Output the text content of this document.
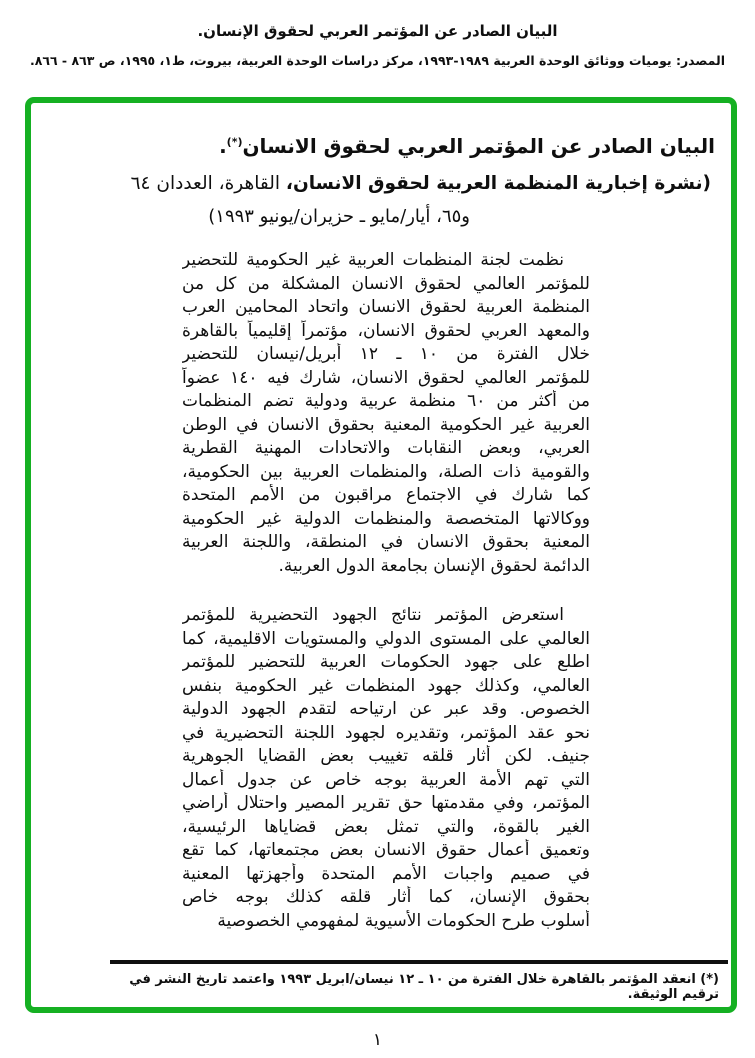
البيان الصادر عن المؤتمر العربي لحقوق الإنسان.
المصدر: يوميات ووثائق الوحدة العربية ١٩٨٩-١٩٩٣، مركز دراسات الوحدة العربية، بيروت، ط١، ١٩٩٥، ص ٨٦٣ - ٨٦٦.
البيان الصادر عن المؤتمر العربي لحقوق الانسان(*).
(نشرة إخبارية المنظمة العربية لحقوق الانسان، القاهرة، العددان ٦٤
و٦٥، أيار/مايو ـ حزيران/يونيو ١٩٩٣)
نظمت لجنة المنظمات العربية غير الحكومية للتحضير
للمؤتمر العالمي لحقوق الانسان المشكلة من كل من
المنظمة العربية لحقوق الانسان واتحاد المحامين العرب
والمعهد العربي لحقوق الانسان، مؤتمراً إقليمياً بالقاهرة
خلال الفترة من ١٠ ـ ١٢ أبريل/نيسان للتحضير
للمؤتمر العالمي لحقوق الانسان، شارك فيه ١٤٠ عضواً
من أكثر من ٦٠ منظمة عربية ودولية تضم المنظمات
العربية غير الحكومية المعنية بحقوق الانسان في الوطن
العربي، وبعض النقابات والاتحادات المهنية القطرية
والقومية ذات الصلة، والمنظمات العربية بين الحكومية،
كما شارك في الاجتماع مراقبون من الأمم المتحدة
ووكالاتها المتخصصة والمنظمات الدولية غير الحكومية
المعنية بحقوق الانسان في المنطقة، واللجنة العربية
الدائمة لحقوق الإنسان بجامعة الدول العربية.
استعرض المؤتمر نتائج الجهود التحضيرية للمؤتمر
العالمي على المستوى الدولي والمستويات الاقليمية، كما
اطلع على جهود الحكومات العربية للتحضير للمؤتمر
العالمي، وكذلك جهود المنظمات غير الحكومية بنفس
الخصوص. وقد عبر عن ارتياحه لتقدم الجهود الدولية
نحو عقد المؤتمر، وتقديره لجهود اللجنة التحضيرية في
جنيف. لكن أثار قلقه تغييب بعض القضايا الجوهرية
التي تهم الأمة العربية بوجه خاص عن جدول أعمال
المؤتمر، وفي مقدمتها حق تقرير المصير واحتلال أراضي
الغير بالقوة، والتي تمثل بعض قضاياها الرئيسية،
وتعميق أعمال حقوق الانسان بعض مجتمعاتها، كما تقع
في صميم واجبات الأمم المتحدة وأجهزتها المعنية
بحقوق الإنسان، كما أثار قلقه كذلك بوجه خاص
أسلوب طرح الحكومات الأسيوية لمفهومي الخصوصية
(*) انعقد المؤتمر بالقاهرة خلال الفترة من ١٠ ـ ١٢ نيسان/ابريل ١٩٩٣ واعتمد تاريخ النشر في ترقيم الوثيقة.
١
